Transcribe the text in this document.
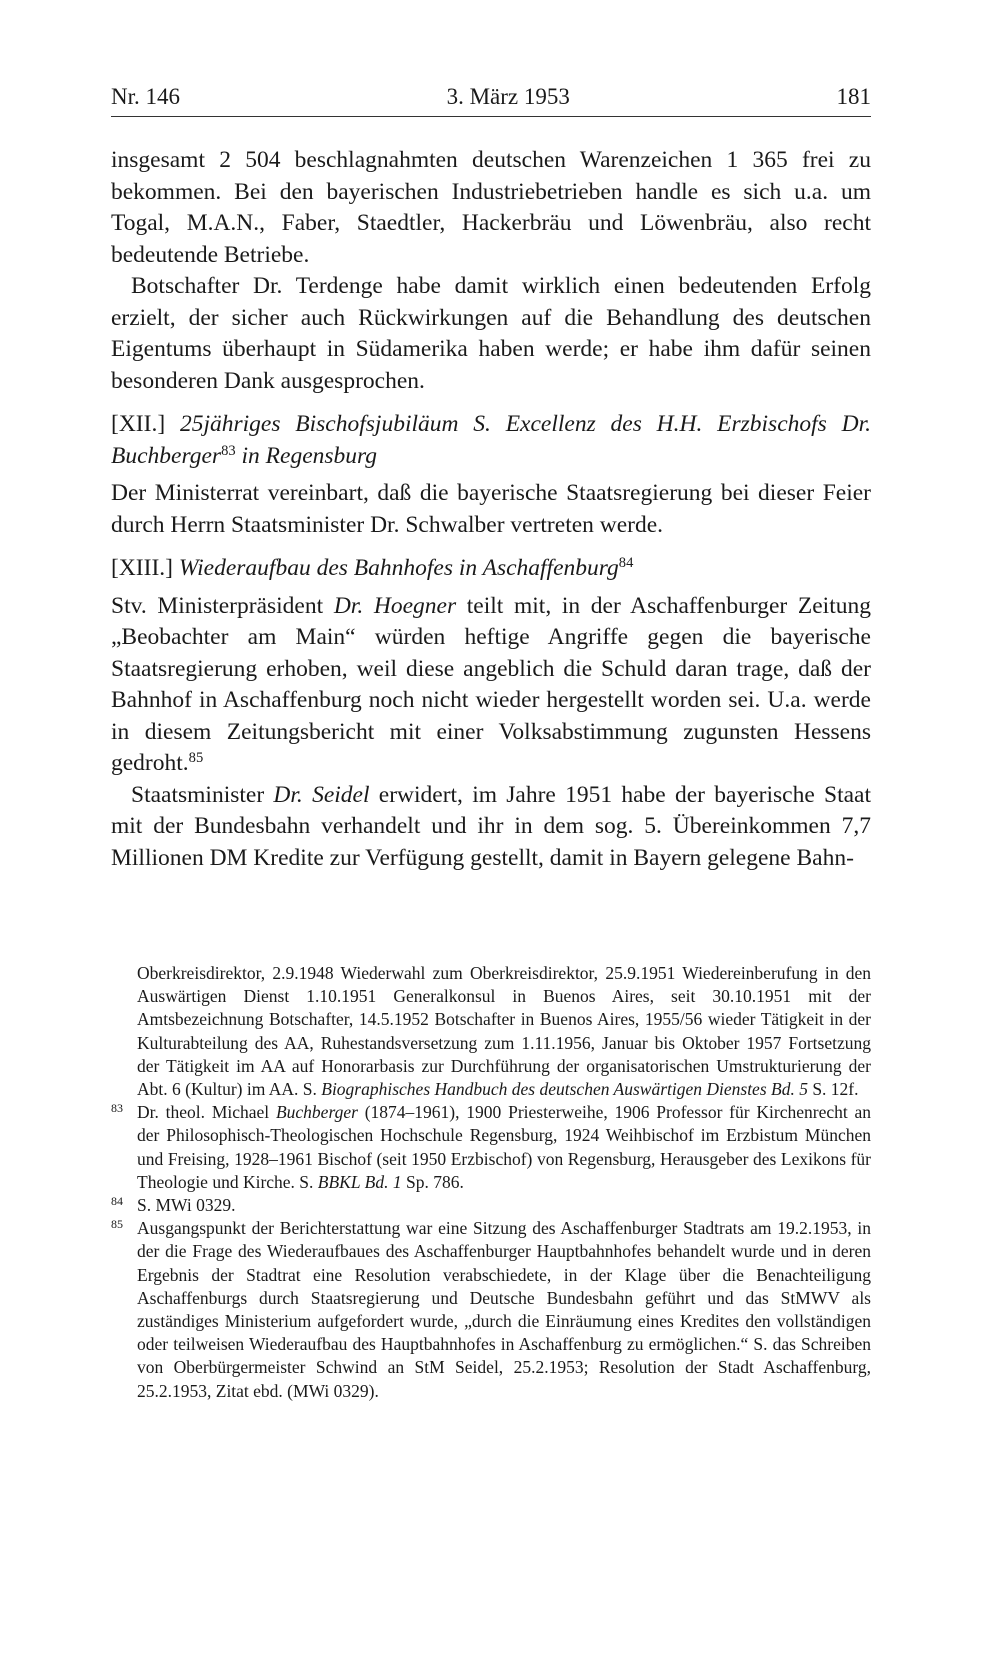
Nr. 146	3. März 1953	181

insgesamt 2 504 beschlagnahmten deutschen Warenzeichen 1 365 frei zu bekommen. Bei den bayerischen Industriebetrieben handle es sich u.a. um Togal, M.A.N., Faber, Staedtler, Hackerbräu und Löwenbräu, also recht bedeutende Betriebe.

Botschafter Dr. Terdenge habe damit wirklich einen bedeutenden Erfolg erzielt, der sicher auch Rückwirkungen auf die Behandlung des deutschen Eigentums überhaupt in Südamerika haben werde; er habe ihm dafür seinen besonderen Dank ausgesprochen.

[XII.] 25jähriges Bischofsjubiläum S. Excellenz des H.H. Erzbischofs Dr. Buchberger$^{83}$ in Regensburg

Der Ministerrat vereinbart, daß die bayerische Staatsregierung bei dieser Feier durch Herrn Staatsminister Dr. Schwalber vertreten werde.

[XIII.] Wiederaufbau des Bahnhofes in Aschaffenburg$^{84}$

Stv. Ministerpräsident Dr. Hoegner teilt mit, in der Aschaffenburger Zeitung „Beobachter am Main“ würden heftige Angriffe gegen die bayerische Staatsregierung erhoben, weil diese angeblich die Schuld daran trage, daß der Bahnhof in Aschaffenburg noch nicht wieder hergestellt worden sei. U.a. werde in diesem Zeitungsbericht mit einer Volksabstimmung zugunsten Hessens gedroht.$^{85}$

Staatsminister Dr. Seidel erwidert, im Jahre 1951 habe der bayerische Staat mit der Bundesbahn verhandelt und ihr in dem sog. 5. Übereinkommen 7,7 Millionen DM Kredite zur Verfügung gestellt, damit in Bayern gelegene Bahn-

Oberkreisdirektor, 2.9.1948 Wiederwahl zum Oberkreisdirektor, 25.9.1951 Wiedereinberufung in den Auswärtigen Dienst 1.10.1951 Generalkonsul in Buenos Aires, seit 30.10.1951 mit der Amtsbezeichnung Botschafter, 14.5.1952 Botschafter in Buenos Aires, 1955/56 wieder Tätigkeit in der Kulturabteilung des AA, Ruhestandsversetzung zum 1.11.1956, Januar bis Oktober 1957 Fortsetzung der Tätigkeit im AA auf Honorarbasis zur Durchführung der organisatorischen Umstrukturierung der Abt. 6 (Kultur) im AA. S. Biographisches Handbuch des deutschen Auswärtigen Dienstes Bd. 5 S. 12f.
83 Dr. theol. Michael Buchberger (1874–1961), 1900 Priesterweihe, 1906 Professor für Kirchenrecht an der Philosophisch-Theologischen Hochschule Regensburg, 1924 Weihbischof im Erzbistum München und Freising, 1928–1961 Bischof (seit 1950 Erzbischof) von Regensburg, Herausgeber des Lexikons für Theologie und Kirche. S. BBKL Bd. 1 Sp. 786.
84 S. MWi 0329.
85 Ausgangspunkt der Berichterstattung war eine Sitzung des Aschaffenburger Stadtrats am 19.2.1953, in der die Frage des Wiederaufbaues des Aschaffenburger Hauptbahnhofes behandelt wurde und in deren Ergebnis der Stadtrat eine Resolution verabschiedete, in der Klage über die Benachteiligung Aschaffenburgs durch Staatsregierung und Deutsche Bundesbahn geführt und das StMWV als zuständiges Ministerium aufgefordert wurde, „durch die Einräumung eines Kredites den vollständigen oder teilweisen Wiederaufbau des Hauptbahnhofes in Aschaffenburg zu ermöglichen.“ S. das Schreiben von Oberbürgermeister Schwind an StM Seidel, 25.2.1953; Resolution der Stadt Aschaffenburg, 25.2.1953, Zitat ebd. (MWi 0329).
